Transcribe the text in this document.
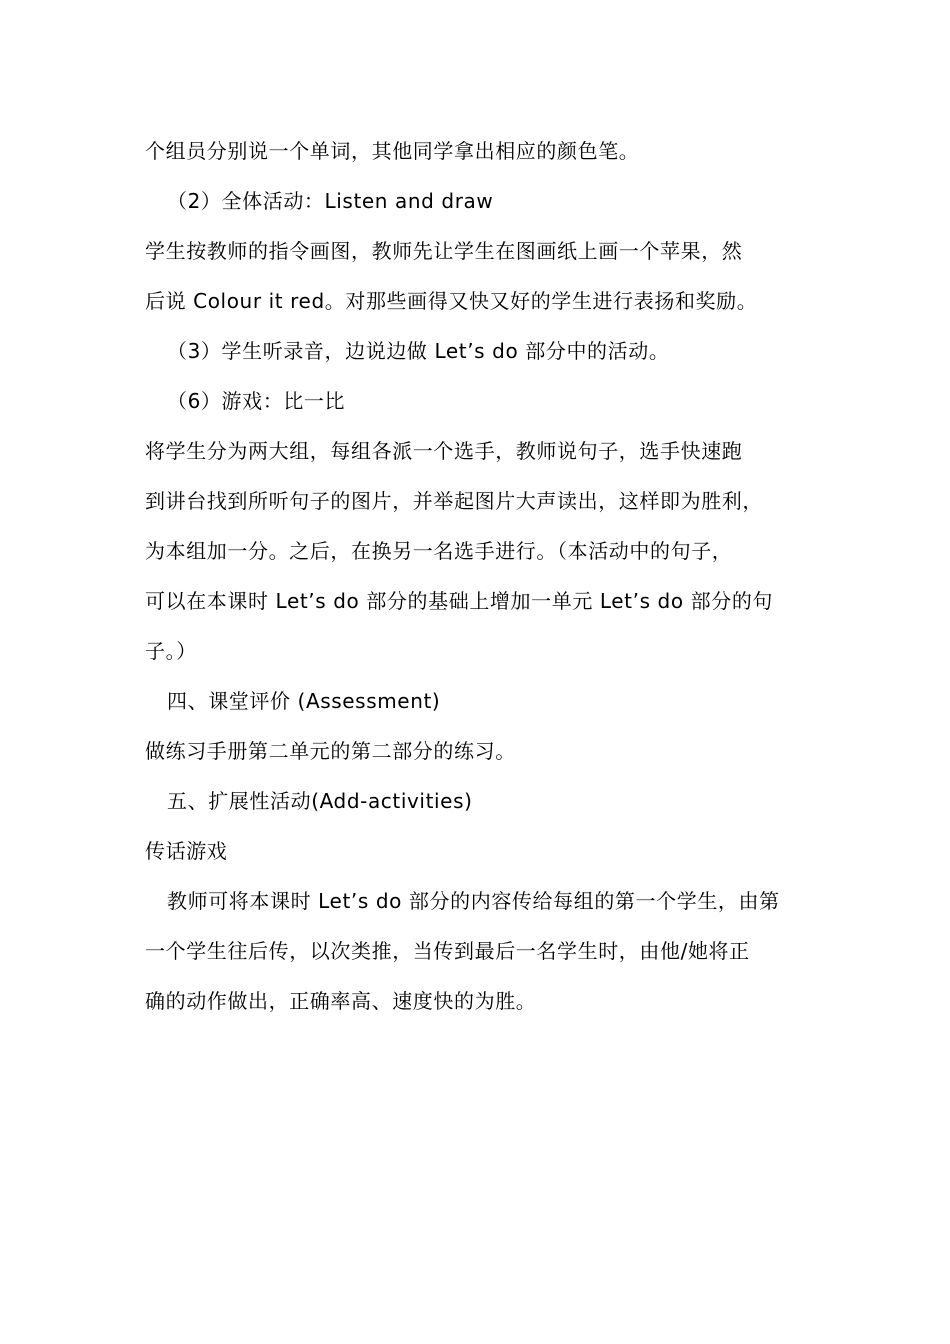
个组员分别说一个单词，其他同学拿出相应的颜色笔。
（2）全体活动：Listen and draw
学生按教师的指令画图，教师先让学生在图画纸上画一个苹果，然
后说 Colour it red。对那些画得又快又好的学生进行表扬和奖励。
（3）学生听录音，边说边做 Let’s do 部分中的活动。
（6）游戏：比一比
将学生分为两大组，每组各派一个选手，教师说句子，选手快速跑
到讲台找到所听句子的图片，并举起图片大声读出，这样即为胜利，
为本组加一分。之后，在换另一名选手进行。（本活动中的句子，
可以在本课时 Let’s do 部分的基础上增加一单元 Let’s do 部分的句
子。）
四、课堂评价 (Assessment)
做练习手册第二单元的第二部分的练习。
五、扩展性活动(Add-activities)
传话游戏
教师可将本课时 Let’s do 部分的内容传给每组的第一个学生，由第
一个学生往后传，以次类推，当传到最后一名学生时，由他/她将正
确的动作做出，正确率高、速度快的为胜。
